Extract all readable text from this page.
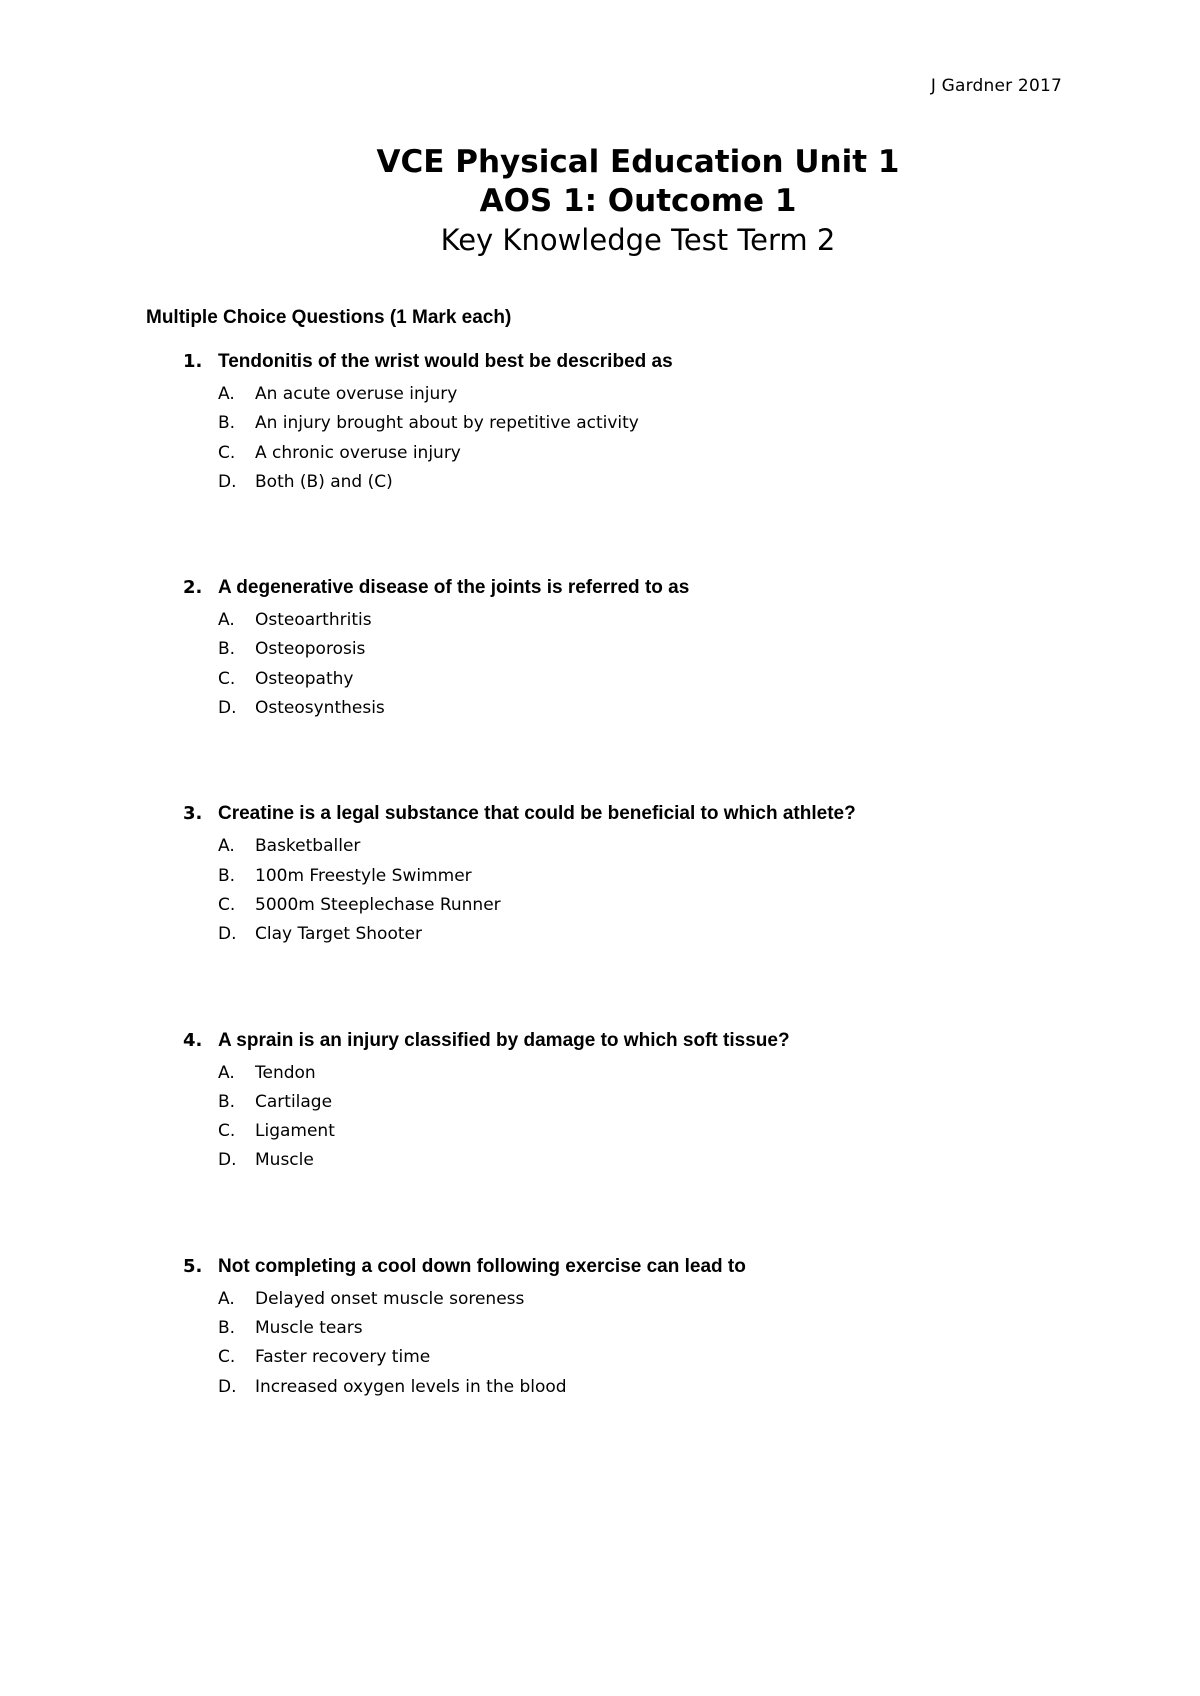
J Gardner 2017
VCE Physical Education Unit 1
AOS 1: Outcome 1
Key Knowledge Test Term 2
Multiple Choice Questions (1 Mark each)
1. Tendonitis of the wrist would best be described as
A. An acute overuse injury
B. An injury brought about by repetitive activity
C. A chronic overuse injury
D. Both (B) and (C)
2. A degenerative disease of the joints is referred to as
A. Osteoarthritis
B. Osteoporosis
C. Osteopathy
D. Osteosynthesis
3. Creatine is a legal substance that could be beneficial to which athlete?
A. Basketballer
B. 100m Freestyle Swimmer
C. 5000m Steeplechase Runner
D. Clay Target Shooter
4. A sprain is an injury classified by damage to which soft tissue?
A. Tendon
B. Cartilage
C. Ligament
D. Muscle
5. Not completing a cool down following exercise can lead to
A. Delayed onset muscle soreness
B. Muscle tears
C. Faster recovery time
D. Increased oxygen levels in the blood
